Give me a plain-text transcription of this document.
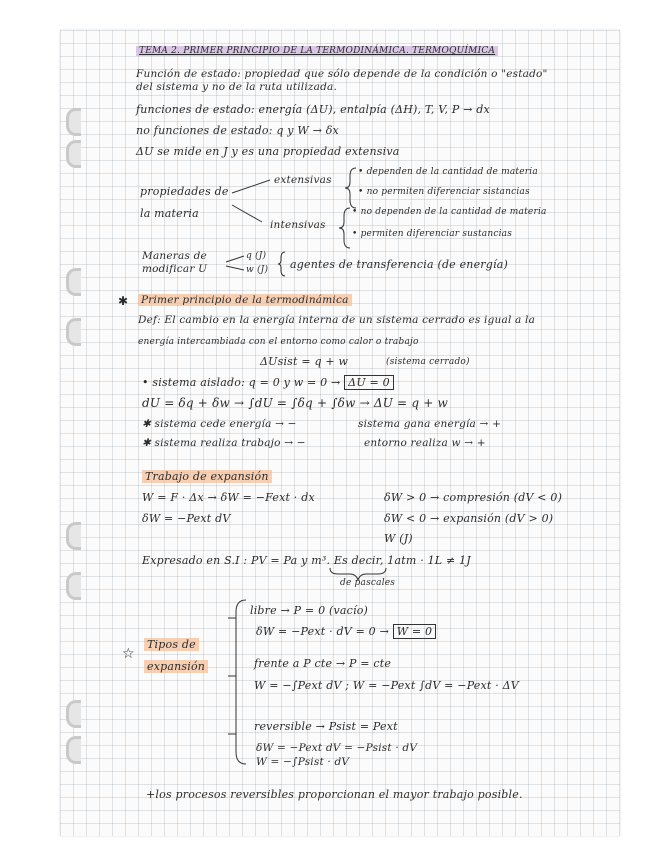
TEMA 2. PRIMER PRINCIPIO DE LA TERMODINÁMICA. TERMOQUÍMICA
Función de estado: propiedad que sólo depende de la condición o "estado"
del sistema y no de la ruta utilizada.
funciones de estado: energía (ΔU), entalpía (ΔH), T, V, P → dx
no funciones de estado: q y W → δx
ΔU se mide en J y es una propiedad extensiva
propiedades de
la materia
extensivas
• dependen de la cantidad de materia
• no permiten diferenciar sistancias
intensivas
• no dependen de la cantidad de materia
• permiten diferenciar sustancias
Maneras de
modificar U
q (J)
w (J) agentes de transferencia (de energía)
✱ Primer principio de la termodinámica
Def: El cambio en la energía interna de un sistema cerrado es igual a la
energía intercambiada con el entorno como calor o trabajo
ΔUsist = q + w	(sistema cerrado)
• sistema aislado: q = 0 y w = 0 → ΔU = 0
dU = δq + δw → ∫dU = ∫δq + ∫δw → ΔU = q + w
✱ sistema cede energía → −	sistema gana energía → +
✱ sistema realiza trabajo → −	entorno realiza w → +
Trabajo de expansión
W = F · Δx → δW = −Fext · dx
δW = −Pext dV
δW > 0 → compresión (dV < 0)
δW < 0 → expansión (dV > 0)
W (J)
Expresado en S.I : PV = Pa y m³. Es decir, 1atm · 1L ≠ 1J
de pascales
☆
Tipos de
expansión
libre → P = 0 (vacío)
δW = −Pext · dV = 0 → W = 0
frente a P cte → P = cte
W = −∫Pext dV ; W = −Pext ∫dV = −Pext · ΔV
reversible → Psist = Pext
δW = −Pext dV = −Psist · dV
W = −∫Psist · dV
+los procesos reversibles proporcionan el mayor trabajo posible.
